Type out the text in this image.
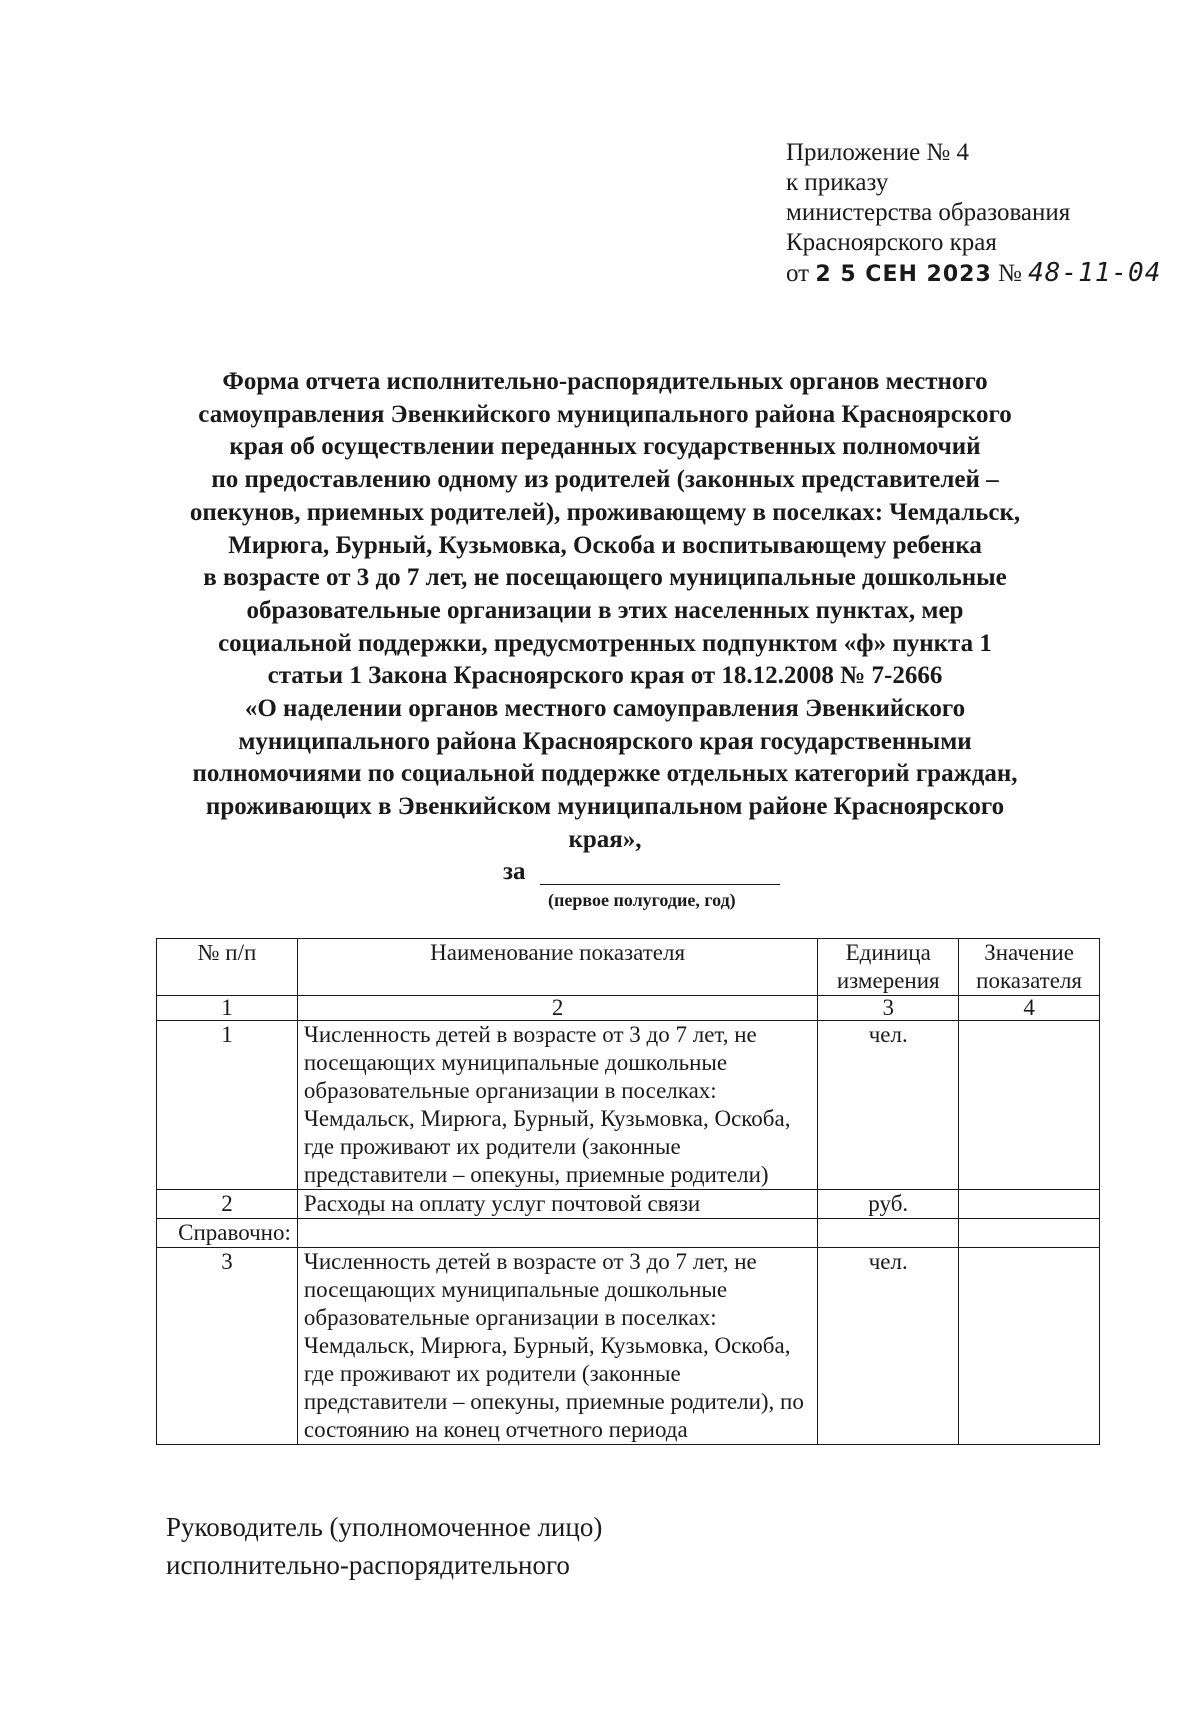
Приложение № 4
к приказу
министерства образования
Красноярского края
от 2 5 СЕН 2023 № 48-11-04
Форма отчета исполнительно-распорядительных органов местного
самоуправления Эвенкийского муниципального района Красноярского
края об осуществлении переданных государственных полномочий
по предоставлению одному из родителей (законных представителей –
опекунов, приемных родителей), проживающему в поселках: Чемдальск,
Мирюга, Бурный, Кузьмовка, Оскоба и воспитывающему ребенка
в возрасте от 3 до 7 лет, не посещающего муниципальные дошкольные
образовательные организации в этих населенных пунктах, мер
социальной поддержки, предусмотренных подпунктом «ф» пункта 1
статьи 1 Закона Красноярского края от 18.12.2008 № 7-2666
«О наделении органов местного самоуправления Эвенкийского
муниципального района Красноярского края государственными
полномочиями по социальной поддержке отдельных категорий граждан,
проживающих в Эвенкийском муниципальном районе Красноярского
края»,
за
(первое полугодие, год)
№ п/п	Наименование показателя	Единица измерения	Значение показателя
1	2	3	4
1	Численность детей в возрасте от 3 до 7 лет, не посещающих муниципальные дошкольные образовательные организации в поселках: Чемдальск, Мирюга, Бурный, Кузьмовка, Оскоба, где проживают их родители (законные представители – опекуны, приемные родители)	чел.	
2	Расходы на оплату услуг почтовой связи	руб.	
Справочно:			
3	Численность детей в возрасте от 3 до 7 лет, не посещающих муниципальные дошкольные образовательные организации в поселках: Чемдальск, Мирюга, Бурный, Кузьмовка, Оскоба, где проживают их родители (законные представители – опекуны, приемные родители), по состоянию на конец отчетного периода	чел.	
Руководитель (уполномоченное лицо)
исполнительно-распорядительного
